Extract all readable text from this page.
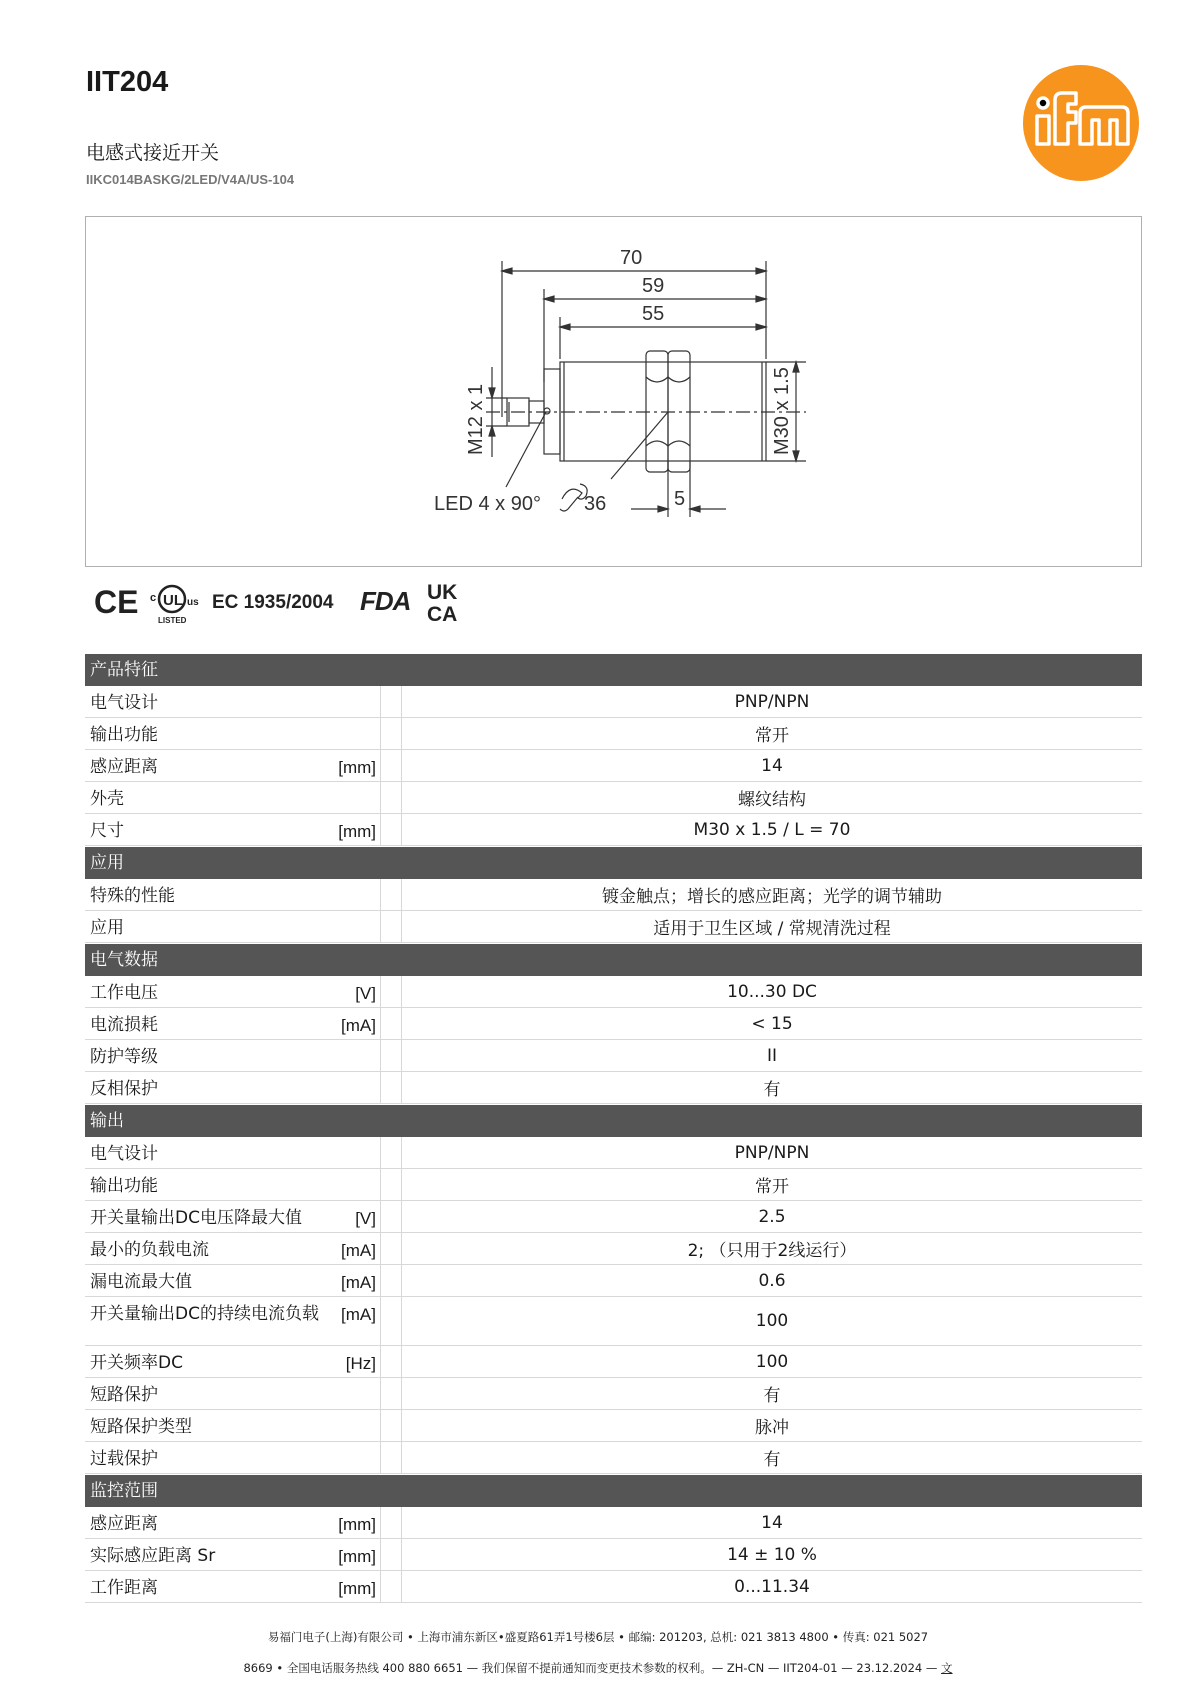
IIT204
电感式接近开关
IIKC014BASKG/2LED/V4A/US-104
70
59
55
M12 x 1	M30 x 1.5
LED 4 x 90° 36	5
CE UL
c	us
LISTED
EC 1935/2004 FDA UK
CA
产品特征
电气设计	PNP/NPN
输出功能	常开
感应距离	[mm]	14
外壳	螺纹结构
尺寸	[mm]	M30 x 1.5 / L = 70
应用
特殊的性能	镀金触点；增长的感应距离；光学的调节辅助
应用	适用于卫生区域 / 常规清洗过程
电气数据
工作电压	[V]	10...30 DC
电流损耗	[mA]	< 15
防护等级	II
反相保护	有
输出
电气设计	PNP/NPN
输出功能	常开
开关量输出DC电压降最大值	[V]	2.5
最小的负载电流	[mA]	2; （只用于2线运行）
漏电流最大值	[mA]	0.6
开关量输出DC的持续电流负载	[mA]	100
开关频率DC	[Hz]	100
短路保护	有
短路保护类型	脉冲
过载保护	有
监控范围
感应距离	[mm]	14
实际感应距离 Sr	[mm]	14 ± 10 %
工作距离	[mm]	0...11.34
易福门电子(上海)有限公司 • 上海市浦东新区•盛夏路61弄1号楼6层 • 邮编: 201203, 总机: 021 3813 4800 • 传真: 021 5027
8669 • 全国电话服务热线 400 880 6651 — 我们保留不提前通知而变更技术参数的权利。— ZH-CN — IIT204-01 — 23.12.2024 — 文
